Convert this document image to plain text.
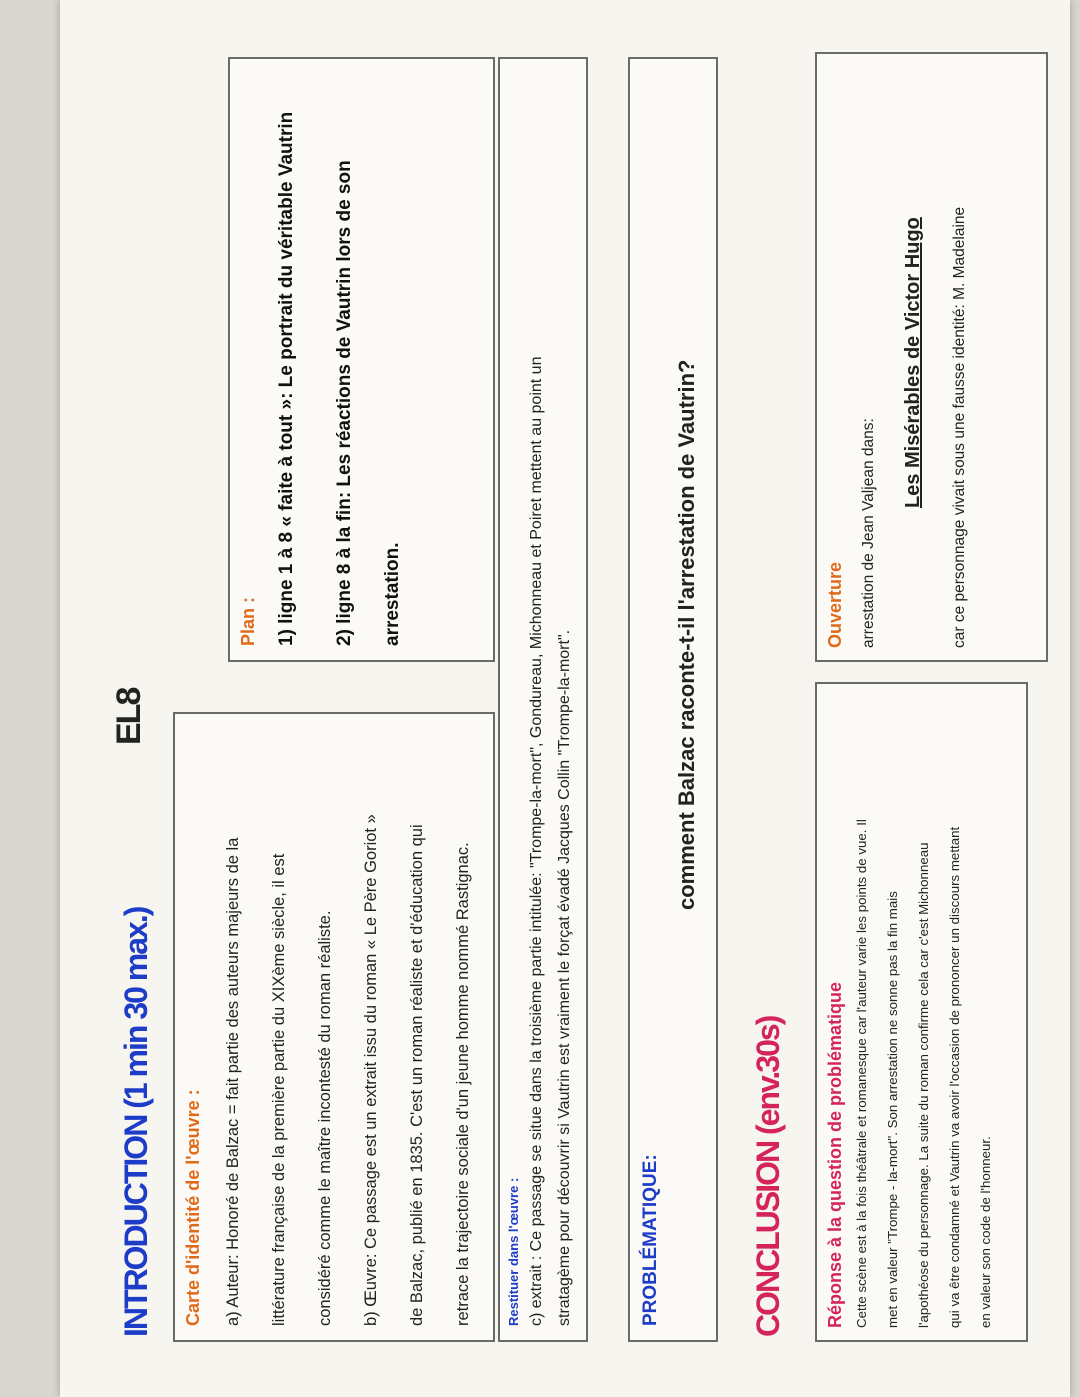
INTRODUCTION (1 min 30 max.)
EL8
Carte d'identité de l'œuvre :	a) Auteur: Honoré de Balzac = fait partie des auteurs majeurs de la	littérature française de la première partie du XIXème siècle, il est	considéré comme le maître incontesté du roman réaliste.	b) Œuvre: Ce passage est un extrait issu du roman « Le Père Goriot »	de Balzac, publié en 1835. C'est un roman réaliste et d'éducation qui	retrace la trajectoire sociale d'un jeune homme nommé Rastignac.
Plan : 1) ligne 1 à 8 « faite à tout »: Le portrait du véritable Vautrin	2) ligne 8 à la fin: Les réactions de Vautrin lors de son	arrestation.
Restituer dans l'œuvre : c) extrait : Ce passage se situe dans la troisième partie intitulée: "Trompe-la-mort", Gondureau, Michonneau et Poiret mettent au point un stratagème pour découvrir si Vautrin est vraiment le forçat évadé Jacques Collin "Trompe-la-mort".	PROBLÉMATIQUE:
comment Balzac raconte-t-il l'arrestation de Vautrin?
CONCLUSION (env.30s) Réponse à la question de problématique Cette scène est à la fois théâtrale et romanesque car l'auteur varie les points de vue. Il	met en valeur "Trompe - la-mort". Son arrestation ne sonne pas la fin mais	l'apothéose du personnage. La suite du roman confirme cela car c'est Michonneau	qui va être condamné et Vautrin va avoir l'occasion de prononcer un discours mettant	en valeur son code de l'honneur.
Ouverture arrestation de Jean Valjean dans:
Les Misérables de Victor Hugo car ce personnage vivait sous une fausse identité: M. Madelaine
